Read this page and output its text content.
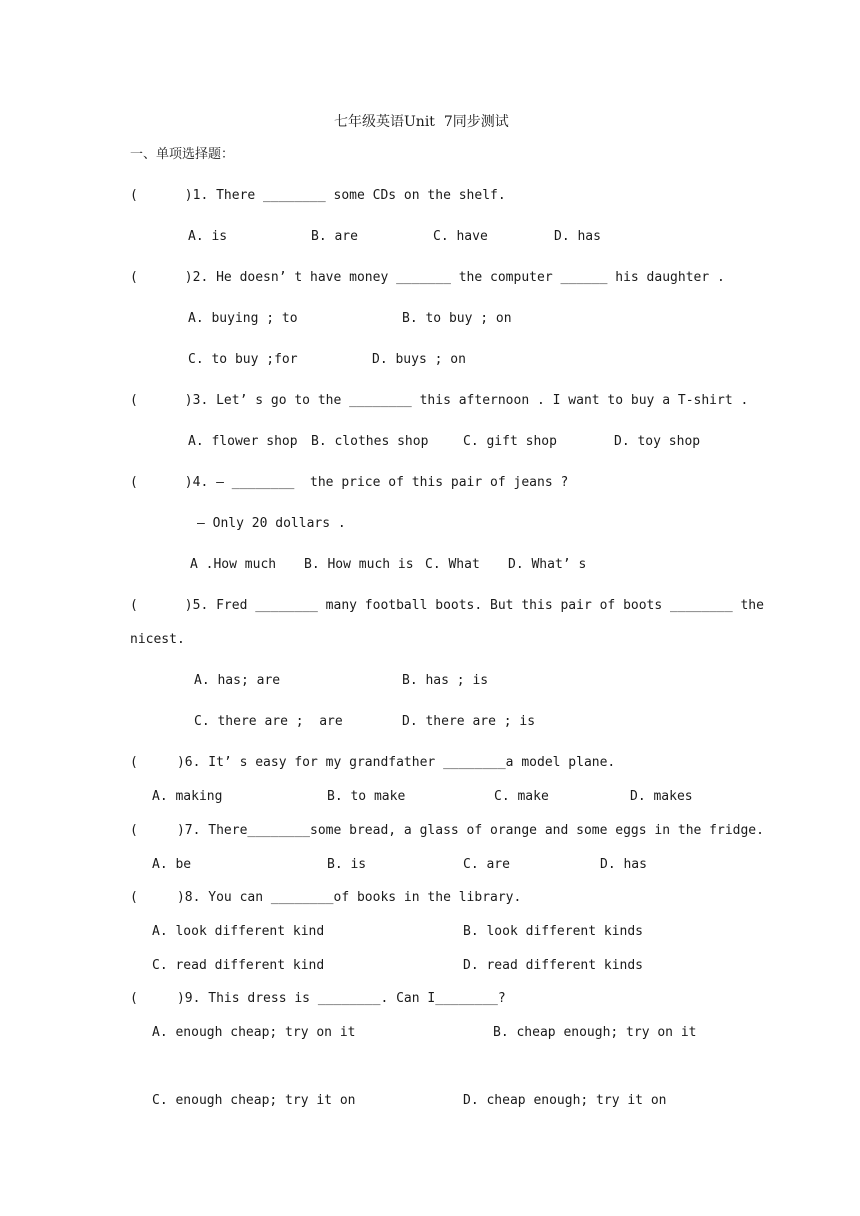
七年级英语Unit  7同步测试
一、单项选择题：
(      )1. There ________ some CDs on the shelf.
A. is	B. are	C. have	D. has
(      )2. He doesn’ t have money _______ the computer ______ his daughter .
A. buying ; to	B. to buy ; on
C. to buy ;for	D. buys ; on
(      )3. Let’ s go to the ________ this afternoon . I want to buy a T-shirt .
A. flower shop B. clothes shop	C. gift shop	D. toy shop
(      )4. — ________  the price of this pair of jeans ?
— Only 20 dollars .
A .How much B. How much is C. What D. What’ s
(      )5. Fred ________ many football boots. But this pair of boots ________ the
nicest.
A. has; are	B. has ; is
C. there are ;  are	D. there are ; is
(     )6. It’ s easy for my grandfather ________a model plane.
A. making	B. to make	C. make	D. makes
(     )7. There________some bread, a glass of orange and some eggs in the fridge.
A. be	B. is	C. are	D. has
(     )8. You can ________of books in the library.
A. look different kind	B. look different kinds
C. read different kind	D. read different kinds
(     )9. This dress is ________. Can I________?
A. enough cheap; try on it	B. cheap enough; try on it
C. enough cheap; try it on	D. cheap enough; try it on
